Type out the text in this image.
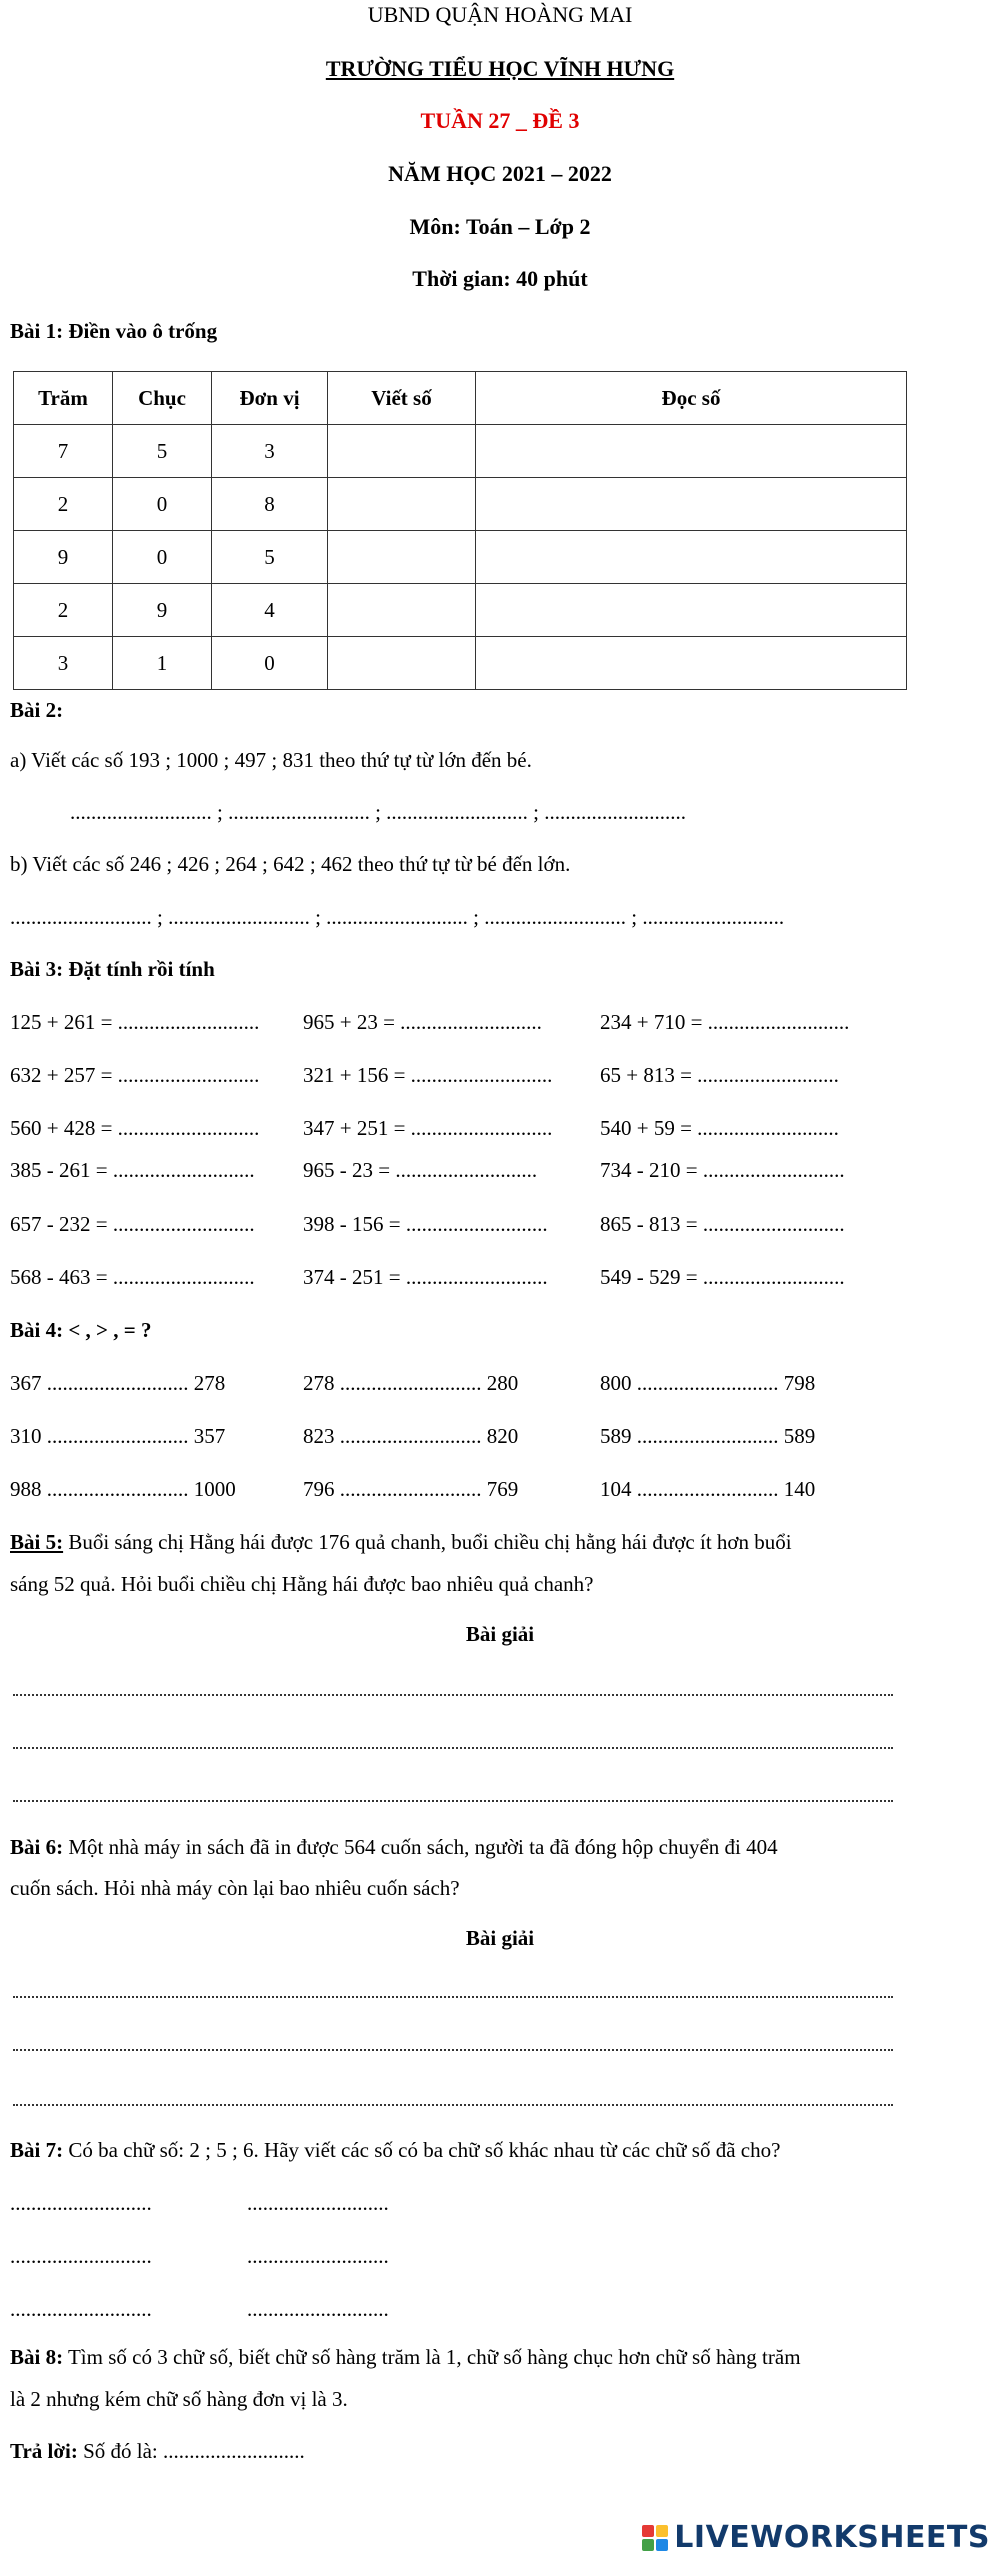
UBND QUẬN HOÀNG MAI
TRƯỜNG TIỂU HỌC VĨNH HƯNG
TUẦN 27 _ ĐỀ 3
NĂM HỌC 2021 – 2022
Môn: Toán – Lớp 2
Thời gian: 40 phút
Bài 1: Điền vào ô trống
Trăm	Chục	Đơn vị	Viết số	Đọc số
7	5	3		
2	0	8		
9	0	5		
2	9	4		
3	1	0		
Bài 2:
a) Viết các số 193 ; 1000 ; 497 ; 831 theo thứ tự từ lớn đến bé.
........................... ; ........................... ; ........................... ; ...........................
b) Viết các số 246 ; 426 ; 264 ; 642 ; 462 theo thứ tự từ bé đến lớn.
........................... ; ........................... ; ........................... ; ........................... ; ...........................
Bài 3: Đặt tính rồi tính
125 + 261 = ........................... 965 + 23 = ...........................	234 + 710 = ...........................
632 + 257 = ........................... 321 + 156 = ........................... 65 + 813 = ...........................
560 + 428 = ........................... 347 + 251 = ........................... 540 + 59 = ...........................
385 - 261 = ........................... 965 - 23 = ...........................	734 - 210 = ...........................
657 - 232 = ........................... 398 - 156 = ........................... 865 - 813 = ...........................
568 - 463 = ........................... 374 - 251 = ........................... 549 - 529 = ...........................
Bài 4: < , > , = ?
367 ........................... 278	278 ........................... 280	800 ........................... 798
310 ........................... 357	823 ........................... 820	589 ........................... 589
988 ........................... 1000	796 ........................... 769	104 ........................... 140
Bài 5: Buổi sáng chị Hằng hái được 176 quả chanh, buổi chiều chị hằng hái được ít hơn buổi
sáng 52 quả. Hỏi buổi chiều chị Hằng hái được bao nhiêu quả chanh?
Bài giải
Bài 6: Một nhà máy in sách đã in được 564 cuốn sách, người ta đã đóng hộp chuyển đi 404
cuốn sách. Hỏi nhà máy còn lại bao nhiêu cuốn sách?
Bài giải
Bài 7: Có ba chữ số: 2 ; 5 ; 6. Hãy viết các số có ba chữ số khác nhau từ các chữ số đã cho?
...........................	...........................
...........................	...........................
...........................	...........................
Bài 8: Tìm số có 3 chữ số, biết chữ số hàng trăm là 1, chữ số hàng chục hơn chữ số hàng trăm
là 2 nhưng kém chữ số hàng đơn vị là 3.
Trả lời: Số đó là: ...........................
LIVEWORKSHEETS
